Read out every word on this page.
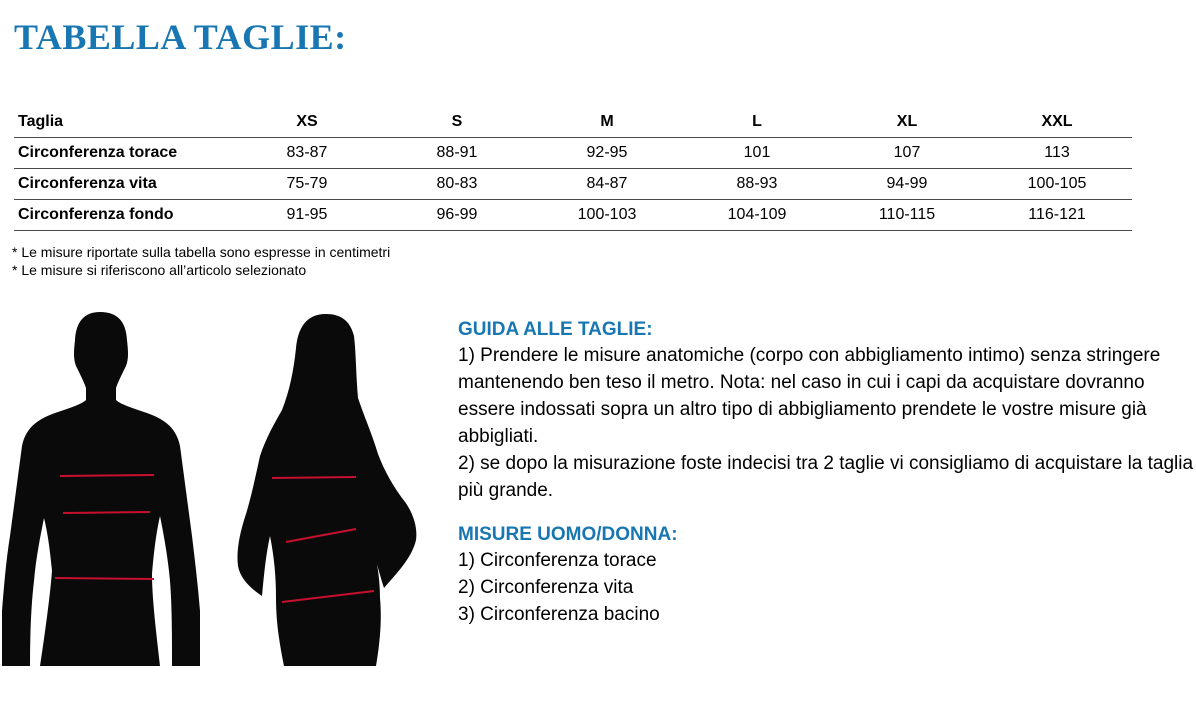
TABELLA TAGLIE:
Taglia	XS	S	M	L	XL	XXL
Circonferenza torace	83-87	88-91	92-95	101	107	113
Circonferenza vita	75-79	80-83	84-87	88-93	94-99	100-105
Circonferenza fondo	91-95	96-99	100-103	104-109	110-115	116-121

* Le misure riportate sulla tabella sono espresse in centimetri

* Le misure si riferiscono all’articolo selezionato

GUIDA ALLE TAGLIE:

1) Prendere le misure anatomiche (corpo con abbigliamento intimo) senza stringere mantenendo ben teso il metro. Nota: nel caso in cui i capi da acquistare dovranno essere indossati sopra un altro tipo di abbigliamento prendete le vostre misure già abbigliati.

2) se dopo la misurazione foste indecisi tra 2 taglie vi consigliamo di acquistare la taglia più grande.

MISURE UOMO/DONNA:
1) Circonferenza torace
2) Circonferenza vita
3) Circonferenza bacino
